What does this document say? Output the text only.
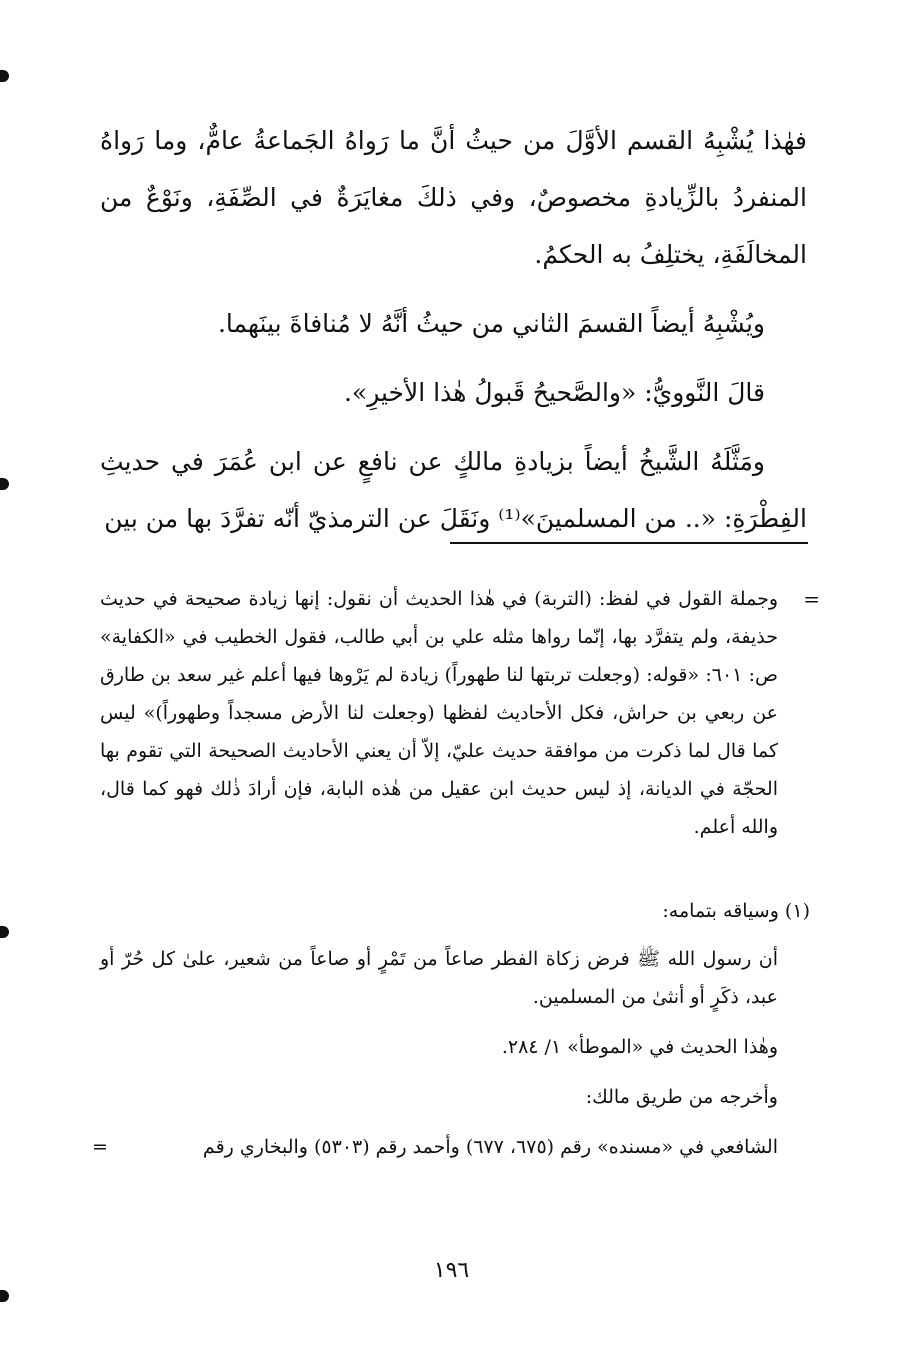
فهٰذا يُشْبِهُ القسم الأوَّلَ من حيثُ أنَّ ما رَواهُ الجَماعةُ عامٌّ، وما رَواهُ المنفردُ بالزِّيادةِ مخصوصٌ، وفي ذلكَ مغايَرَةٌ في الصِّفَةِ، ونَوْعٌ من المخالَفَةِ، يختلِفُ به الحكمُ.

ويُشْبِهُ أيضاً القسمَ الثاني من حيثُ أنَّهُ لا مُنافاةَ بينَهما.

قالَ النَّوويُّ: «والصَّحيحُ قَبولُ هٰذا الأخيرِ».

ومَثَّلَهُ الشَّيخُ أيضاً بزيادةِ مالكٍ عن نافعٍ عن ابن عُمَرَ في حديثِ الفِطْرَةِ: «.. من المسلمينَ»⁽¹⁾ ونَقَلَ عن الترمذيّ أنّه تفرَّدَ بها من بين

=
وجملة القول في لفظ: (التربة) في هٰذا الحديث أن نقول: إنها زيادة صحيحة في حديث حذيفة، ولم يتفرَّد بها، إنّما رواها مثله علي بن أبي طالب، فقول الخطيب في «الكفاية» ص: ٦٠١: «قوله: (وجعلت تربتها لنا طهوراً) زيادة لم يَرْوها فيها أعلم غير سعد بن طارق عن ربعي بن حراش، فكل الأحاديث لفظها (وجعلت لنا الأرض مسجداً وطهوراً)» ليس كما قال لما ذكرت من موافقة حديث عليّ، إلاّ أن يعني الأحاديث الصحيحة التي تقوم بها الحجّة في الديانة، إذ ليس حديث ابن عقيل من هٰذه البابة، فإن أرادَ ذٰلك فهو كما قال، والله أعلم.

(١) وسياقه بتمامه:

أن رسول الله ﷺ فرض زكاة الفطر صاعاً من تَمْرٍ أو صاعاً من شعير، علىٰ كل حُرّ أو عبد، ذكَرٍ أو أنثىٰ من المسلمين.

وهٰذا الحديث في «الموطأ» ١/ ٢٨٤.

وأخرجه من طريق مالك:

الشافعي في «مسنده» رقم (٦٧٥، ٦٧٧) وأحمد رقم (٥٣٠٣) والبخاري رقم
=

١٩٦
